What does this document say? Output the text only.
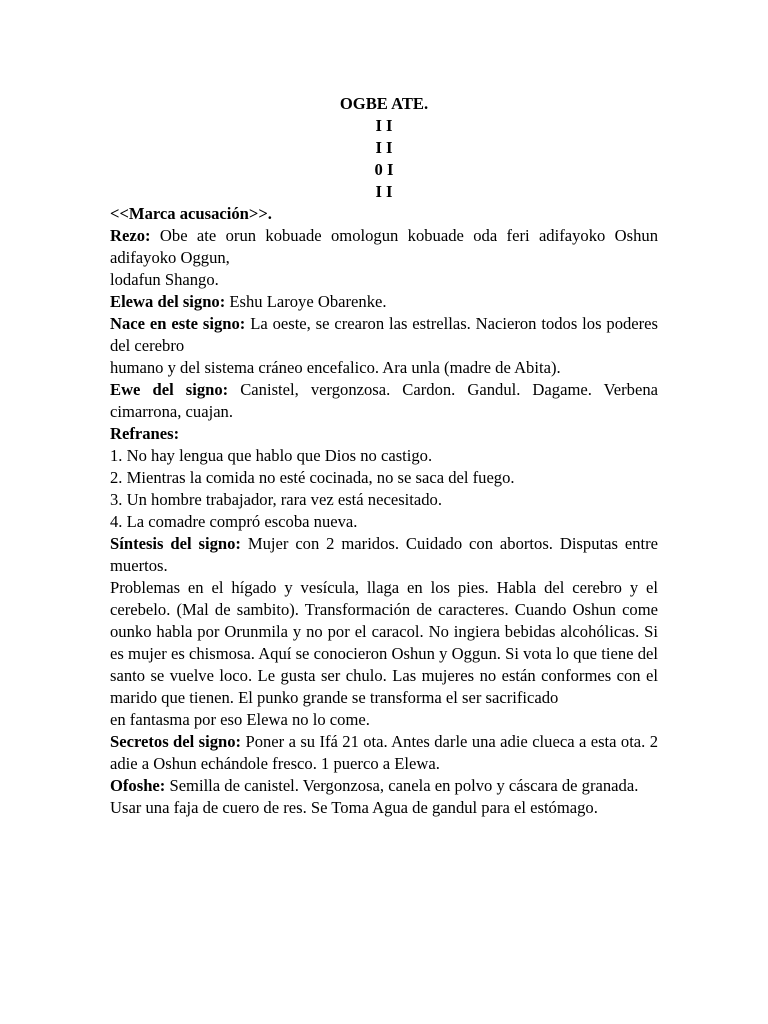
OGBE ATE.
I I
I I
0 I
I I

<<Marca acusación>>.

Rezo: Obe ate orun kobuade omologun kobuade oda feri adifayoko Oshun adifayoko Oggun,

lodafun Shango.

Elewa del signo: Eshu Laroye Obarenke.

Nace en este signo: La oeste, se crearon las estrellas. Nacieron todos los poderes del cerebro

humano y del sistema cráneo encefalico. Ara unla (madre de Abita).

Ewe del signo: Canistel, vergonzosa. Cardon. Gandul. Dagame. Verbena cimarrona, cuajan.

Refranes:

1. No hay lengua que hablo que Dios no castigo.

2. Mientras la comida no esté cocinada, no se saca del fuego.

3. Un hombre trabajador, rara vez está necesitado.

4. La comadre compró escoba nueva.

Síntesis del signo: Mujer con 2 maridos. Cuidado con abortos. Disputas entre muertos.

Problemas en el hígado y vesícula, llaga en los pies. Habla del cerebro y el cerebelo. (Mal de sambito). Transformación de caracteres. Cuando Oshun come ounko habla por Orunmila y no por el caracol. No ingiera bebidas alcohólicas. Si es mujer es chismosa. Aquí se conocieron Oshun y Oggun. Si vota lo que tiene del santo se vuelve loco. Le gusta ser chulo. Las mujeres no están conformes con el marido que tienen. El punko grande se transforma el ser sacrificado

en fantasma por eso Elewa no lo come.

Secretos del signo: Poner a su Ifá 21 ota. Antes darle una adie clueca a esta ota. 2 adie a Oshun echándole fresco. 1 puerco a Elewa.

Ofoshe: Semilla de canistel. Vergonzosa, canela en polvo y cáscara de granada. Usar una faja de cuero de res. Se Toma Agua de gandul para el estómago.
